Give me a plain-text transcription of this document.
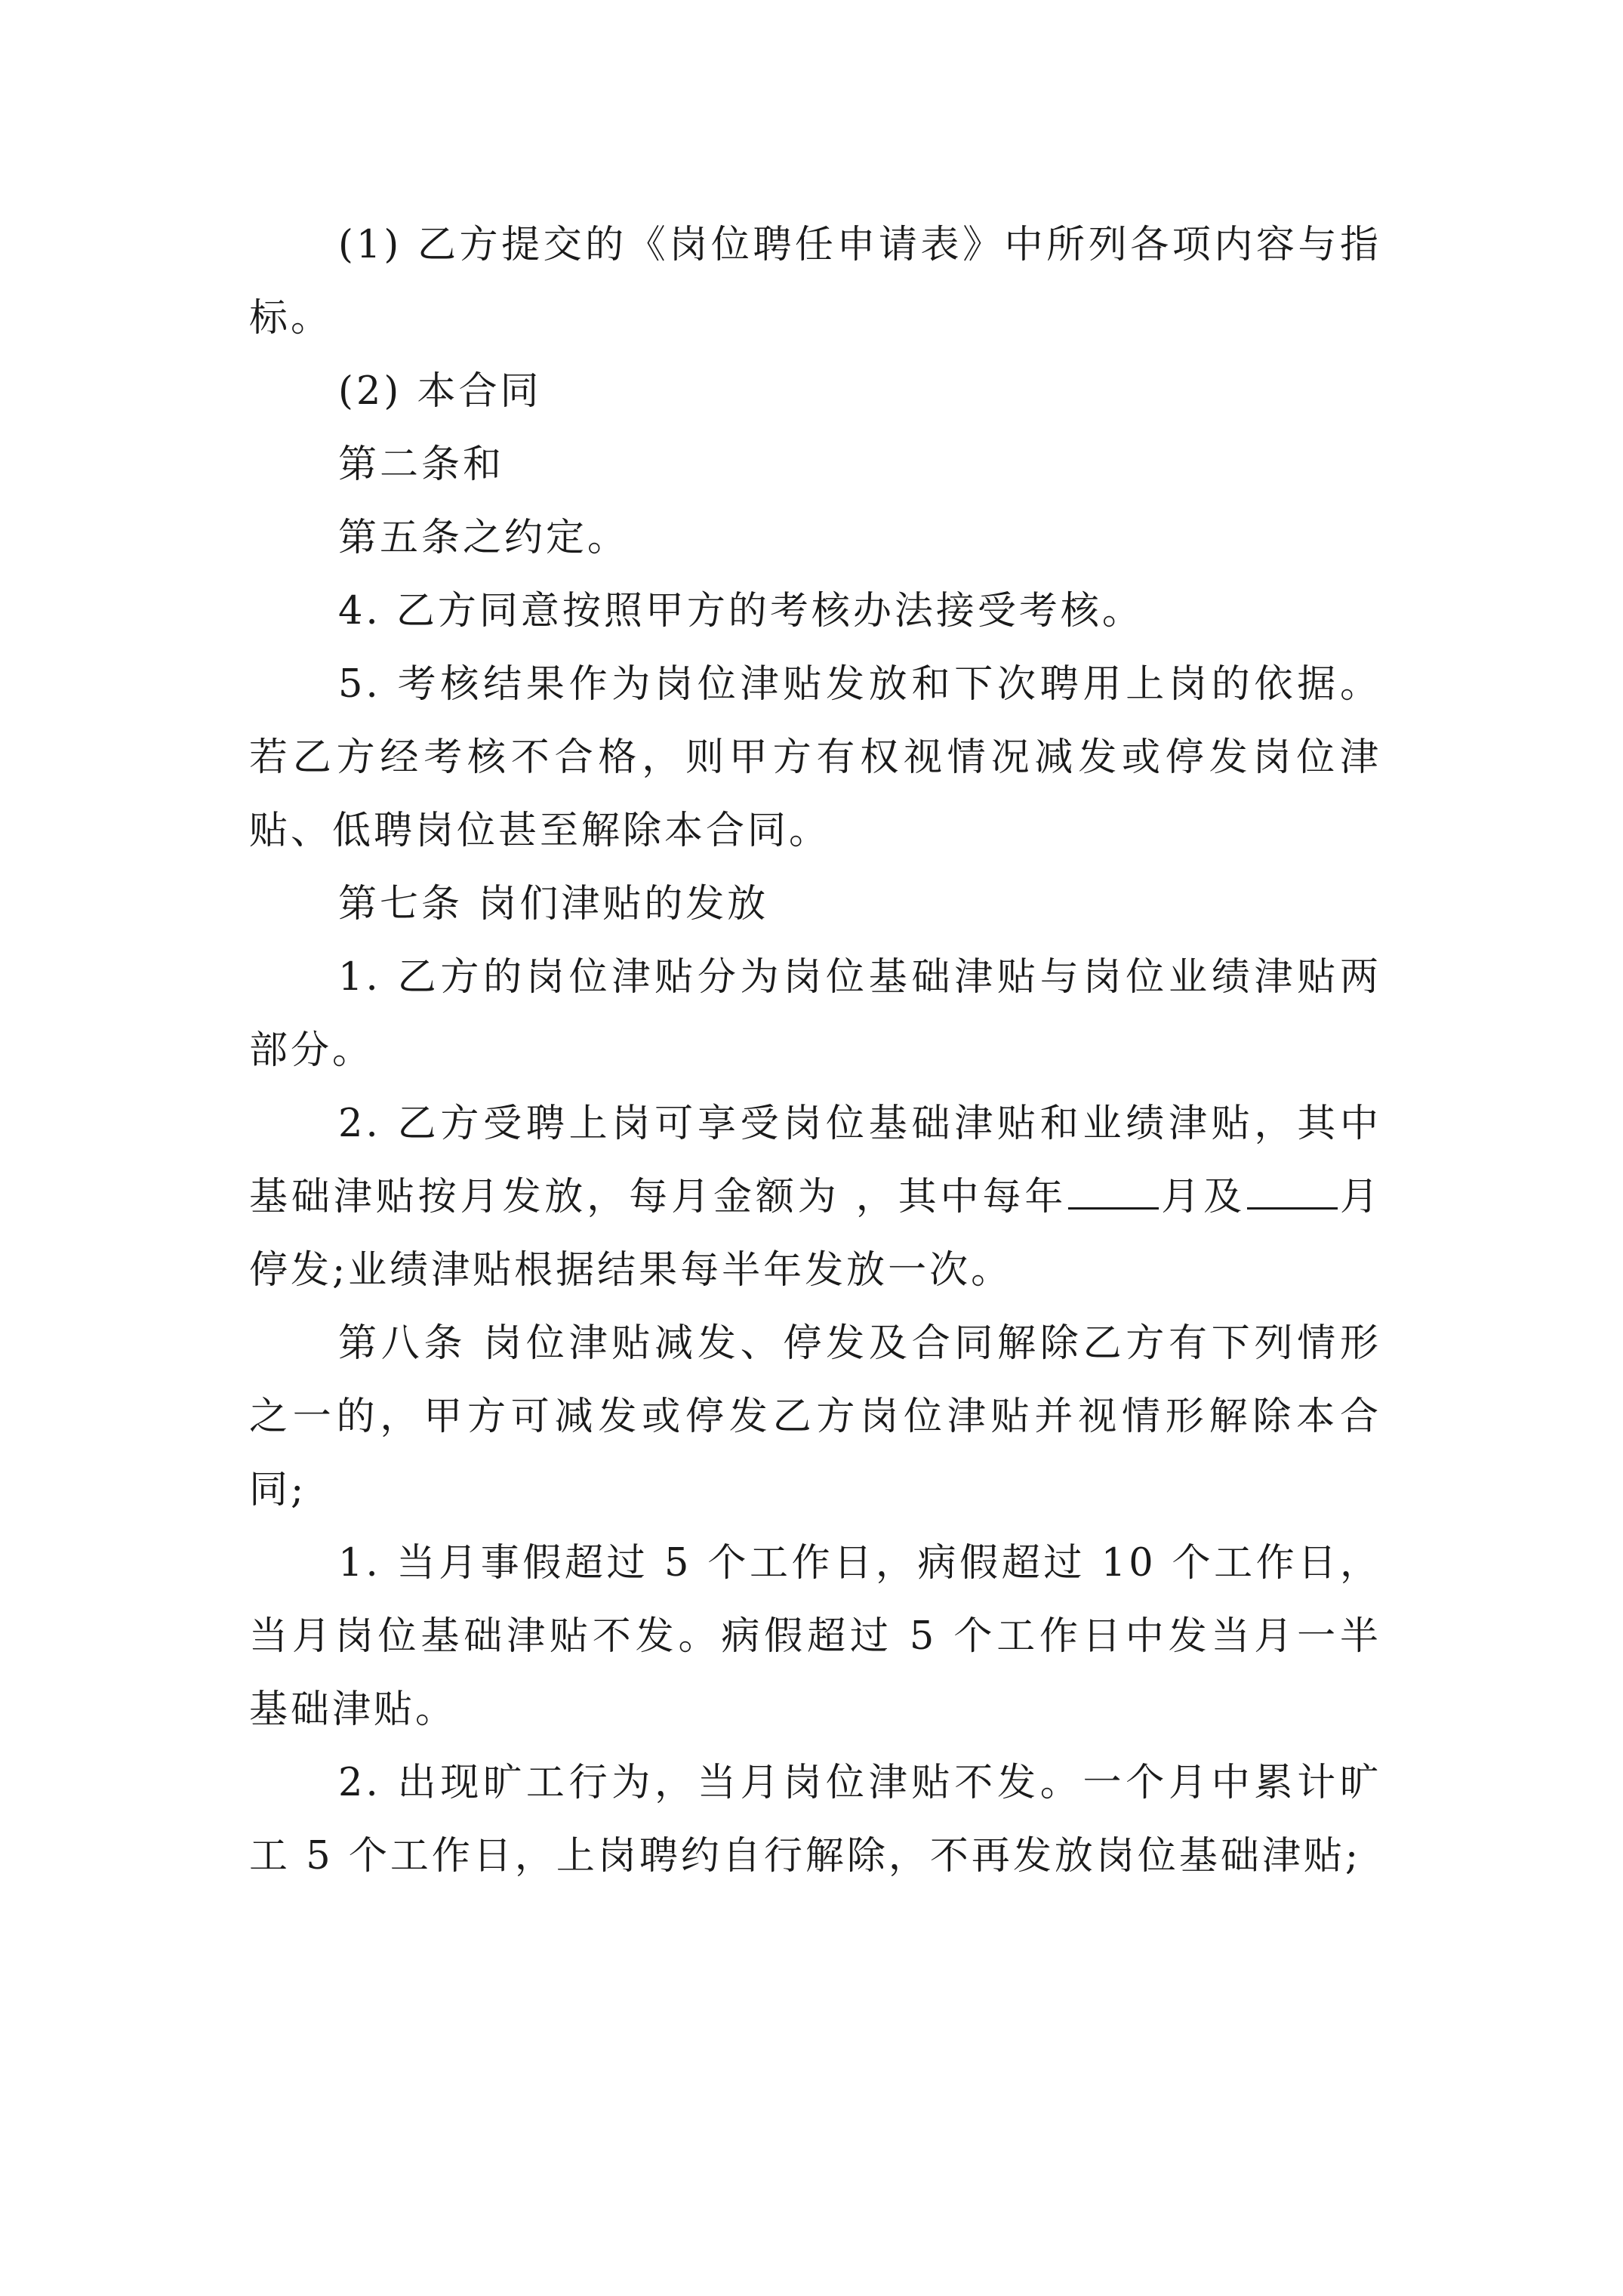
(1) 乙方提交的《岗位聘任申请表》中所列各项内容与指标。

(2) 本合同

第二条和

第五条之约定。

4. 乙方同意按照甲方的考核办法接受考核。

5. 考核结果作为岗位津贴发放和下次聘用上岗的依据。若乙方经考核不合格，则甲方有权视情况减发或停发岗位津贴、低聘岗位甚至解除本合同。

第七条 岗们津贴的发放

1. 乙方的岗位津贴分为岗位基础津贴与岗位业绩津贴两部分。

2. 乙方受聘上岗可享受岗位基础津贴和业绩津贴，其中基础津贴按月发放，每月金额为 ，其中每年 月及 月停发;业绩津贴根据结果每半年发放一次。

第八条 岗位津贴减发、停发及合同解除乙方有下列情形之一的，甲方可减发或停发乙方岗位津贴并视情形解除本合同;

1. 当月事假超过 5 个工作日，病假超过 10 个工作日，当月岗位基础津贴不发。病假超过 5 个工作日中发当月一半基础津贴。

2. 出现旷工行为，当月岗位津贴不发。一个月中累计旷工 5 个工作日，上岗聘约自行解除，不再发放岗位基础津贴;
